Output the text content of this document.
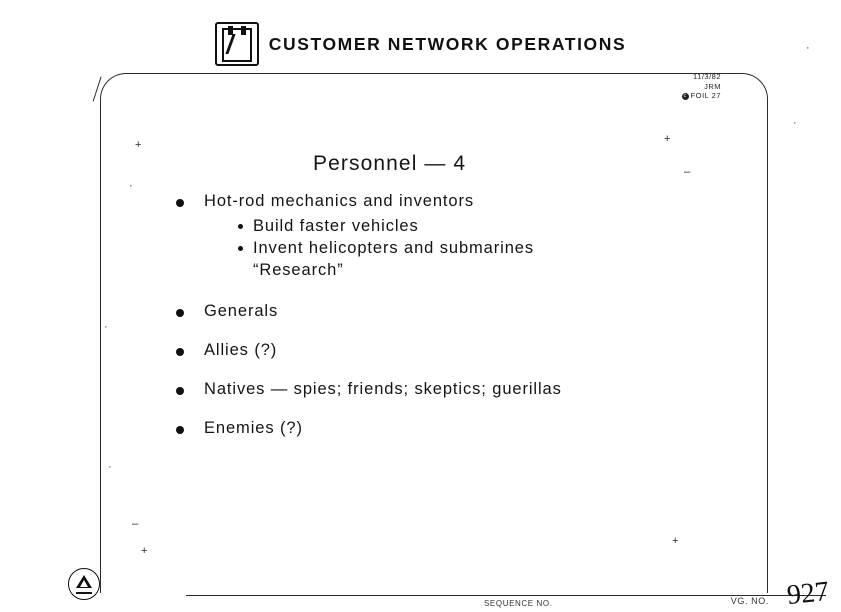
CUSTOMER NETWORK OPERATIONS
11/3/82
JRM
c FOIL 27
Personnel — 4
Hot-rod mechanics and inventors
Build faster vehicles
Invent helicopters and submarines
“Research”
Generals
Allies (?)
Natives — spies; friends; skeptics; guerillas
Enemies (?)
+	+
·
–
·
·
–
+
+
·
·
SEQUENCE NO.	VG. NO. 927
